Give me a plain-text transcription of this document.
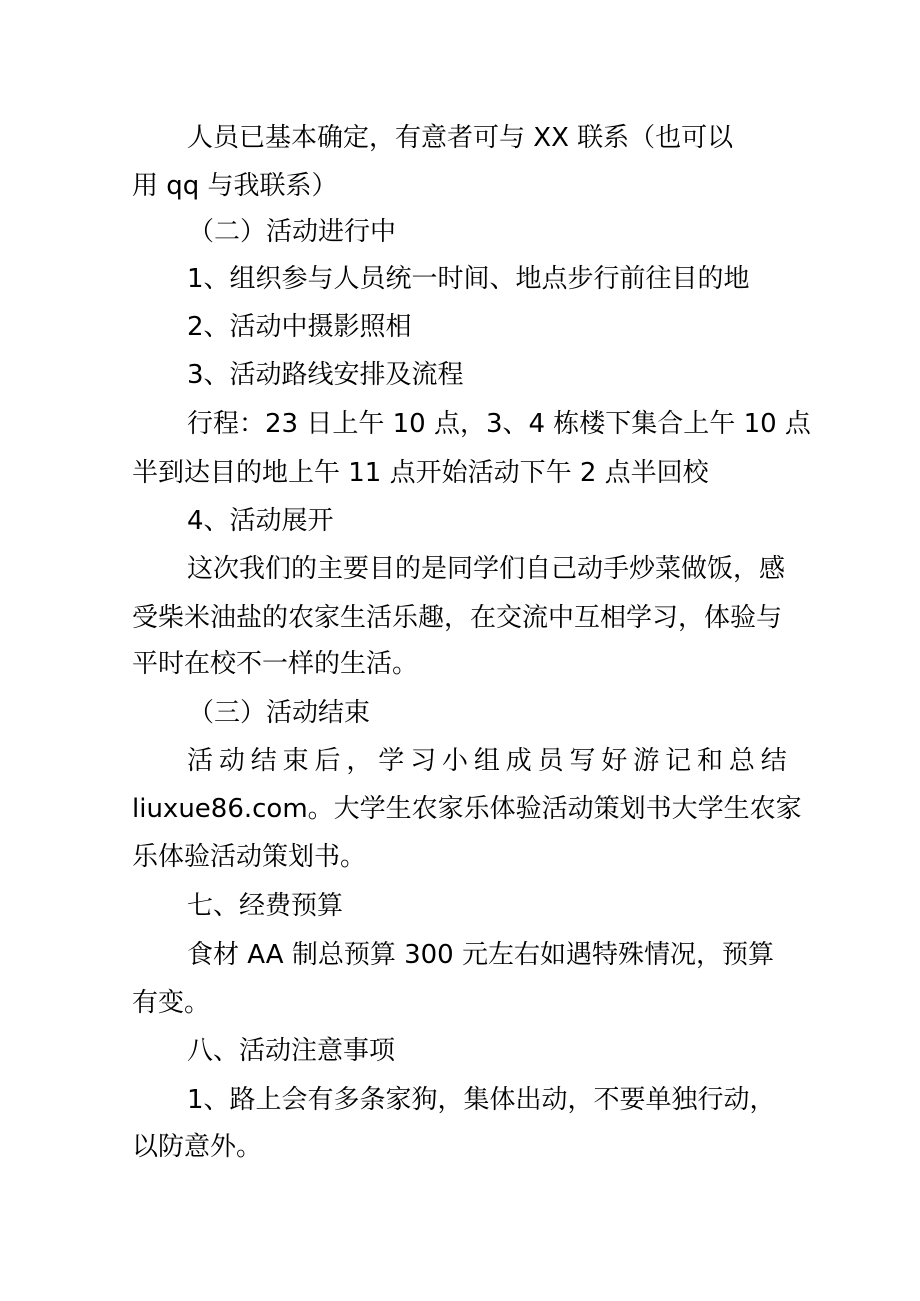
人员已基本确定，有意者可与 XX 联系（也可以
用 qq 与我联系）
（二）活动进行中
1、组织参与人员统一时间、地点步行前往目的地
2、活动中摄影照相
3、活动路线安排及流程
行程：23 日上午 10 点，3、4 栋楼下集合上午 10 点
半到达目的地上午 11 点开始活动下午 2 点半回校
4、活动展开
这次我们的主要目的是同学们自己动手炒菜做饭，感
受柴米油盐的农家生活乐趣，在交流中互相学习，体验与
平时在校不一样的生活。
（三）活动结束
活 动 结 束 后 ， 学 习 小 组 成 员 写 好 游 记 和 总 结
liuxue86.com。大学生农家乐体验活动策划书大学生农家
乐体验活动策划书。
七、经费预算
食材 AA 制总预算 300 元左右如遇特殊情况，预算
有变。
八、活动注意事项
1、路上会有多条家狗，集体出动，不要单独行动，
以防意外。
